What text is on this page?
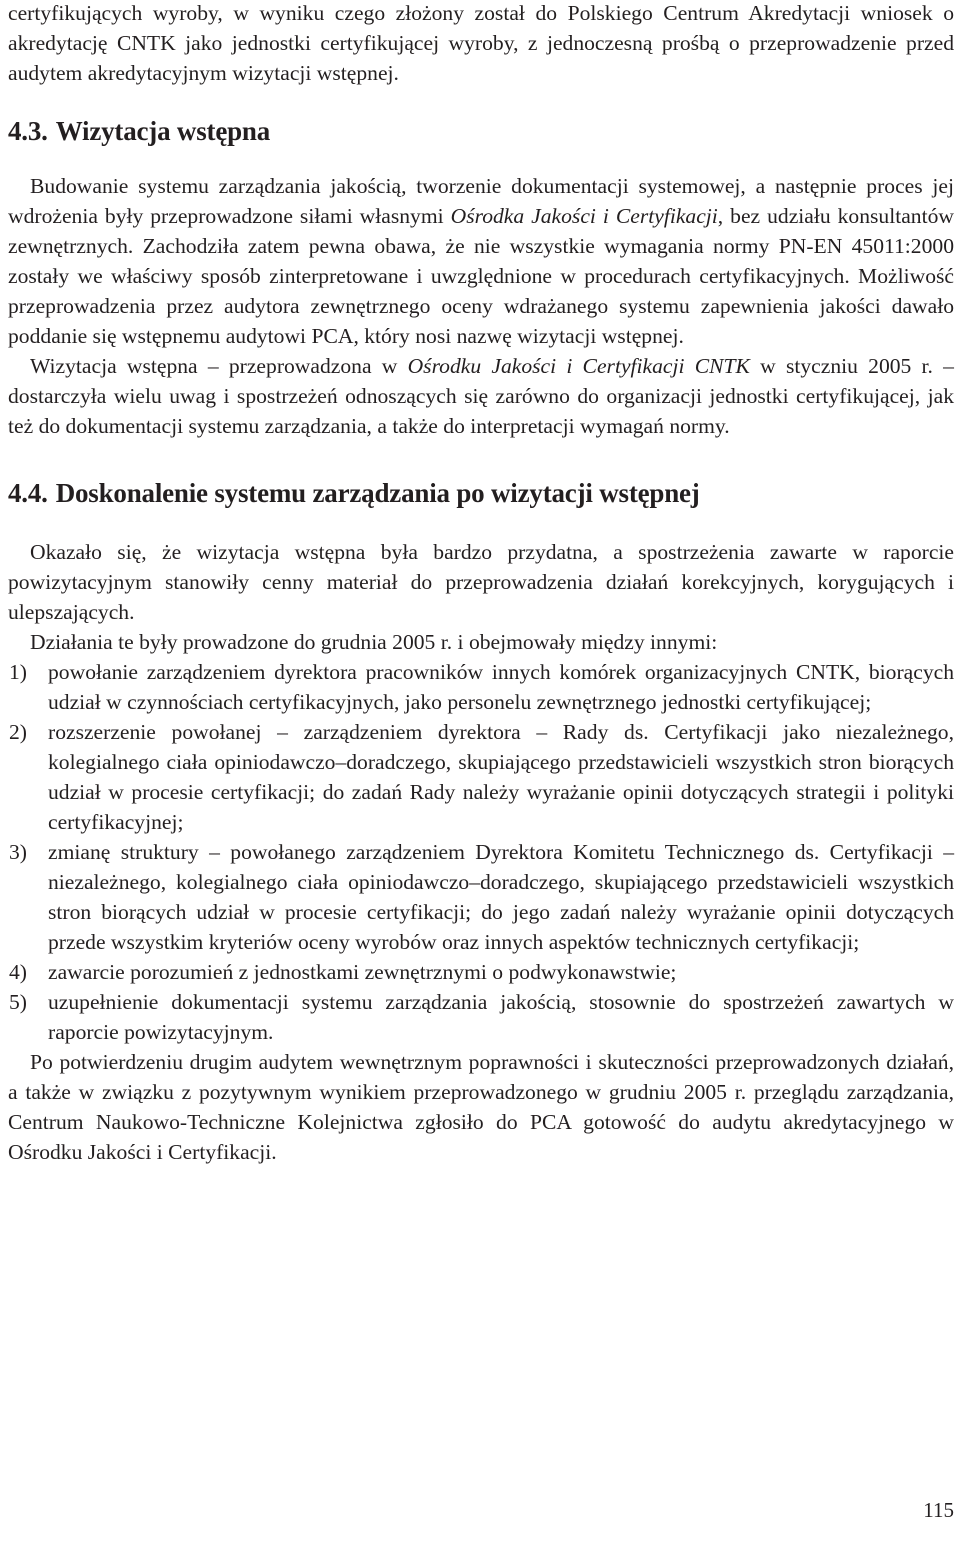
certyfikujących wyroby, w wyniku czego złożony został do Polskiego Centrum Akredytacji wniosek o akredytację CNTK jako jednostki certyfikującej wyroby, z jednoczesną prośbą o przeprowadzenie przed audytem akredytacyjnym wizytacji wstępnej.

4.3. Wizytacja wstępna

Budowanie systemu zarządzania jakością, tworzenie dokumentacji systemowej, a następnie proces jej wdrożenia były przeprowadzone siłami własnymi Ośrodka Jakości i Certyfikacji, bez udziału konsultantów zewnętrznych. Zachodziła zatem pewna obawa, że nie wszystkie wymagania normy PN-EN 45011:2000 zostały we właściwy sposób zinterpretowane i uwzględnione w procedurach certyfikacyjnych. Możliwość przeprowadzenia przez audytora zewnętrznego oceny wdrażanego systemu zapewnienia jakości dawało poddanie się wstępnemu audytowi PCA, który nosi nazwę wizytacji wstępnej.

Wizytacja wstępna – przeprowadzona w Ośrodku Jakości i Certyfikacji CNTK w styczniu 2005 r. – dostarczyła wielu uwag i spostrzeżeń odnoszących się zarówno do organizacji jednostki certyfikującej, jak też do dokumentacji systemu zarządzania, a także do interpretacji wymagań normy.

4.4. Doskonalenie systemu zarządzania po wizytacji wstępnej

Okazało się, że wizytacja wstępna była bardzo przydatna, a spostrzeżenia zawarte w raporcie powizytacyjnym stanowiły cenny materiał do przeprowadzenia działań korekcyjnych, korygujących i ulepszających.

Działania te były prowadzone do grudnia 2005 r. i obejmowały między innymi:

1) powołanie zarządzeniem dyrektora pracowników innych komórek organizacyjnych CNTK, biorących udział w czynnościach certyfikacyjnych, jako personelu zewnętrznego jednostki certyfikującej;
2) rozszerzenie powołanej – zarządzeniem dyrektora – Rady ds. Certyfikacji jako niezależnego, kolegialnego ciała opiniodawczo–doradczego, skupiającego przedstawicieli wszystkich stron biorących udział w procesie certyfikacji; do zadań Rady należy wyrażanie opinii dotyczących strategii i polityki certyfikacyjnej;
3) zmianę struktury – powołanego zarządzeniem Dyrektora Komitetu Technicznego ds. Certyfikacji – niezależnego, kolegialnego ciała opiniodawczo–doradczego, skupiającego przedstawicieli wszystkich stron biorących udział w procesie certyfikacji; do jego zadań należy wyrażanie opinii dotyczących przede wszystkim kryteriów oceny wyrobów oraz innych aspektów technicznych certyfikacji;
4) zawarcie porozumień z jednostkami zewnętrznymi o podwykonawstwie;
5) uzupełnienie dokumentacji systemu zarządzania jakością, stosownie do spostrzeżeń zawartych w raporcie powizytacyjnym.

Po potwierdzeniu drugim audytem wewnętrznym poprawności i skuteczności przeprowadzonych działań, a także w związku z pozytywnym wynikiem przeprowadzonego w grudniu 2005 r. przeglądu zarządzania, Centrum Naukowo-Techniczne Kolejnictwa zgłosiło do PCA gotowość do audytu akredytacyjnego w Ośrodku Jakości i Certyfikacji.

115
